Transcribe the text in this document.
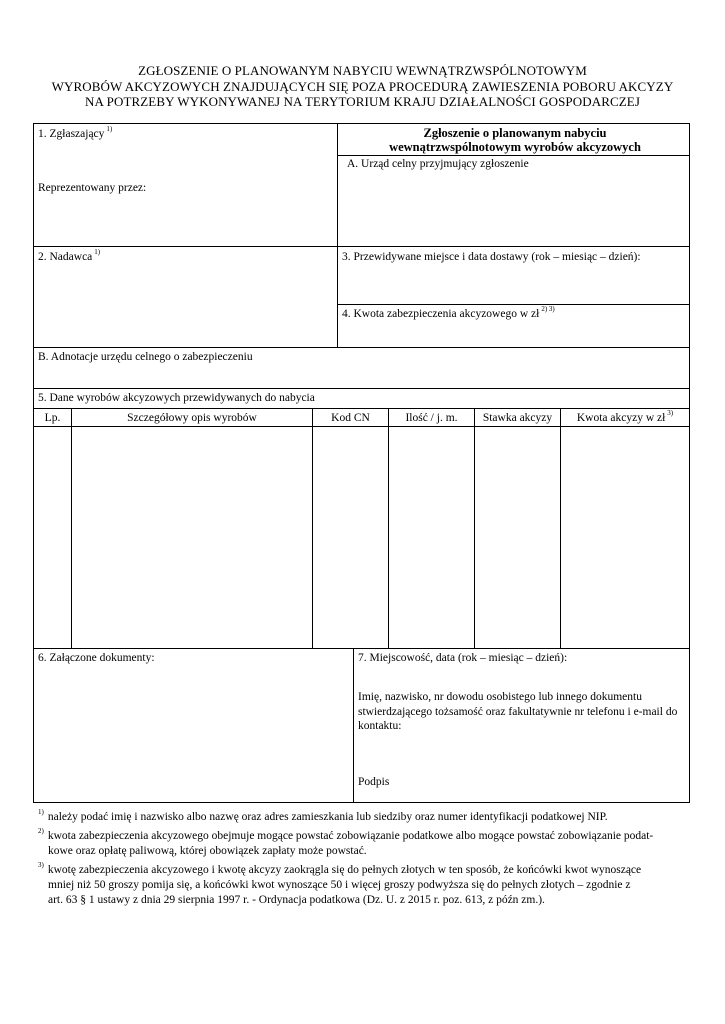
ZGŁOSZENIE O PLANOWANYM NABYCIU WEWNĄTRZWSPÓLNOTOWYM
WYROBÓW AKCYZOWYCH ZNAJDUJĄCYCH SIĘ POZA PROCEDURĄ ZAWIESZENIA POBORU AKCYZY
NA POTRZEBY WYKONYWANEJ NA TERYTORIUM KRAJU DZIAŁALNOŚCI GOSPODARCZEJ
1. Zgłaszający $^{1)}$
Reprezentowany przez:
Zgłoszenie o planowanym nabyciu
wewnątrzwspólnotowym wyrobów akcyzowych
A. Urząd celny przyjmujący zgłoszenie
2. Nadawca $^{1)}$	3. Przewidywane miejsce i data dostawy (rok – miesiąc – dzień):
4. Kwota zabezpieczenia akcyzowego w zł $^{2) 3)}$
B. Adnotacje urzędu celnego o zabezpieczeniu
5. Dane wyrobów akcyzowych przewidywanych do nabycia
Lp.	Szczegółowy opis wyrobów	Kod CN	Ilość / j. m.	Stawka akcyzy	Kwota akcyzy w zł $^{3)}$
6. Załączone dokumenty:	7. Miejscowość, data (rok – miesiąc – dzień):
Imię, nazwisko, nr dowodu osobistego lub innego dokumentu stwierdzającego tożsamość oraz fakultatywnie nr telefonu i e-mail do kontaktu:
Podpis
$^{1)}$ należy podać imię i nazwisko albo nazwę oraz adres zamieszkania lub siedziby oraz numer identyfikacji podatkowej NIP.
$^{2)}$ kwota zabezpieczenia akcyzowego obejmuje mogące powstać zobowiązanie podatkowe albo mogące powstać zobowiązanie podat-
kowe oraz opłatę paliwową, której obowiązek zapłaty może powstać.
$^{3)}$ kwotę zabezpieczenia akcyzowego i kwotę akcyzy zaokrągla się do pełnych złotych w ten sposób, że końcówki kwot wynoszące
mniej niż 50 groszy pomija się, a końcówki kwot wynoszące 50 i więcej groszy podwyższa się do pełnych złotych – zgodnie z
art. 63 § 1 ustawy z dnia 29 sierpnia 1997 r. - Ordynacja podatkowa (Dz. U. z 2015 r. poz. 613, z późn zm.).
